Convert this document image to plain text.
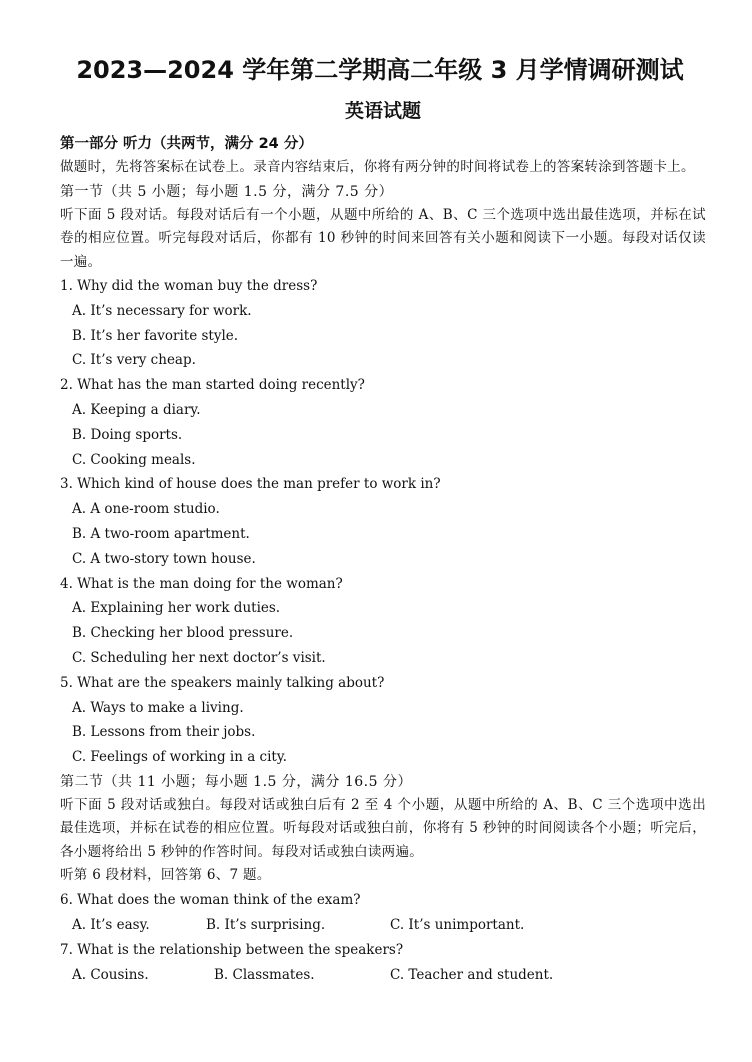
2023—2024 学年第二学期高二年级 3 月学情调研测试
英语试题
第一部分 听力（共两节，满分 24 分）

做题时，先将答案标在试卷上。录音内容结束后，你将有两分钟的时间将试卷上的答案转涂到答题卡上。

第一节（共 5 小题；每小题 1.5 分，满分 7.5 分）

听下面 5 段对话。每段对话后有一个小题，从题中所给的 A、B、C 三个选项中选出最佳选项，并标在试卷的相应位置。听完每段对话后，你都有 10 秒钟的时间来回答有关小题和阅读下一小题。每段对话仅读一遍。

1. Why did the woman buy the dress?

A. It’s necessary for work.

B. It’s her favorite style.

C. It’s very cheap.

2. What has the man started doing recently?

A. Keeping a diary.

B. Doing sports.

C. Cooking meals.

3. Which kind of house does the man prefer to work in?

A. A one-room studio.

B. A two-room apartment.

C. A two-story town house.

4. What is the man doing for the woman?

A. Explaining her work duties.

B. Checking her blood pressure.

C. Scheduling her next doctor’s visit.

5. What are the speakers mainly talking about?

A. Ways to make a living.

B. Lessons from their jobs.

C. Feelings of working in a city.

第二节（共 11 小题；每小题 1.5 分，满分 16.5 分）

听下面 5 段对话或独白。每段对话或独白后有 2 至 4 个小题，从题中所给的 A、B、C 三个选项中选出最佳选项，并标在试卷的相应位置。听每段对话或独白前，你将有 5 秒钟的时间阅读各个小题；听完后，各小题将给出 5 秒钟的作答时间。每段对话或独白读两遍。

听第 6 段材料，回答第 6、7 题。

6. What does the woman think of the exam?

A. It’s easy.	B. It’s surprising.	C. It’s unimportant.

7. What is the relationship between the speakers?

A. Cousins.	B. Classmates.	C. Teacher and student.
